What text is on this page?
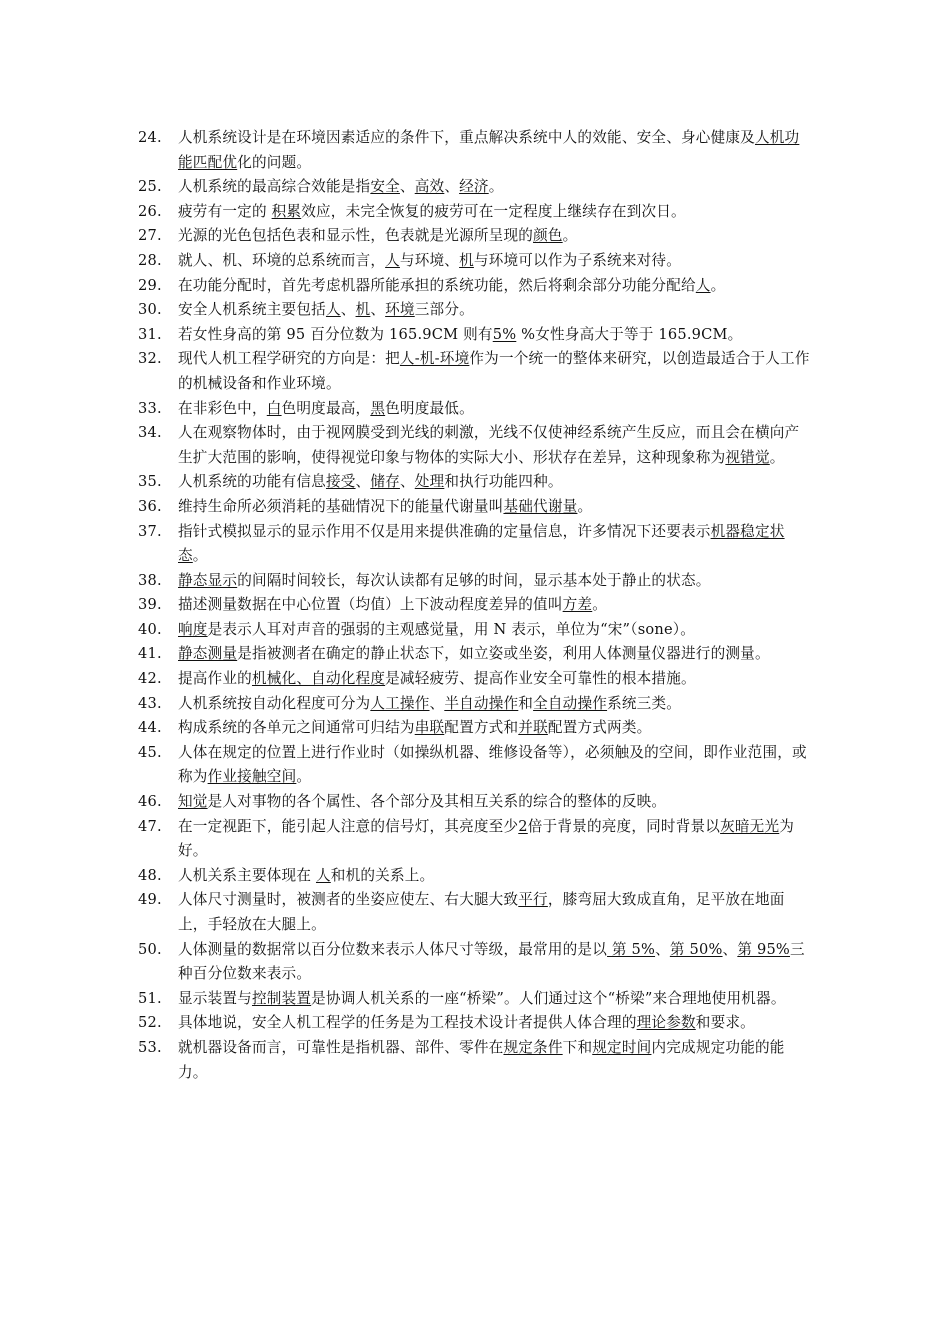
24.	人机系统设计是在环境因素适应的条件下，重点解决系统中人的效能、安全、身心健康及人机功能匹配优化的问题。
25.	人机系统的最高综合效能是指安全、高效、经济。
26.	疲劳有一定的 积累效应，未完全恢复的疲劳可在一定程度上继续存在到次日。
27.	光源的光色包括色表和显示性，色表就是光源所呈现的颜色。
28.	就人、机、环境的总系统而言，人与环境、机与环境可以作为子系统来对待。
29.	在功能分配时，首先考虑机器所能承担的系统功能，然后将剩余部分功能分配给人。
30.	安全人机系统主要包括人、机、环境三部分。
31.	若女性身高的第 95 百分位数为 165.9CM 则有5% %女性身高大于等于 165.9CM。
32.	现代人机工程学研究的方向是：把人-机-环境作为一个统一的整体来研究，以创造最适合于人工作的机械设备和作业环境。
33.	在非彩色中，白色明度最高，黑色明度最低。
34.	人在观察物体时，由于视网膜受到光线的刺激，光线不仅使神经系统产生反应，而且会在横向产生扩大范围的影响，使得视觉印象与物体的实际大小、形状存在差异，这种现象称为视错觉。
35.	人机系统的功能有信息接受、储存、处理和执行功能四种。
36.	维持生命所必须消耗的基础情况下的能量代谢量叫基础代谢量。
37.	指针式模拟显示的显示作用不仅是用来提供准确的定量信息，许多情况下还要表示机器稳定状态。
38.	静态显示的间隔时间较长，每次认读都有足够的时间，显示基本处于静止的状态。
39.	描述测量数据在中心位置（均值）上下波动程度差异的值叫方差。
40.	响度是表示人耳对声音的强弱的主观感觉量，用 N 表示，单位为“宋”（sone）。
41.	静态测量是指被测者在确定的静止状态下，如立姿或坐姿，利用人体测量仪器进行的测量。
42.	提高作业的机械化、自动化程度是减轻疲劳、提高作业安全可靠性的根本措施。
43.	人机系统按自动化程度可分为人工操作、半自动操作和全自动操作系统三类。
44.	构成系统的各单元之间通常可归结为串联配置方式和并联配置方式两类。
45.	人体在规定的位置上进行作业时（如操纵机器、维修设备等），必须触及的空间，即作业范围，或称为作业接触空间。
46.	知觉是人对事物的各个属性、各个部分及其相互关系的综合的整体的反映。
47.	在一定视距下，能引起人注意的信号灯，其亮度至少2倍于背景的亮度，同时背景以灰暗无光为好。
48.	人机关系主要体现在 人和机的关系上。
49.	人体尺寸测量时，被测者的坐姿应使左、右大腿大致平行，膝弯屈大致成直角，足平放在地面上，手轻放在大腿上。
50.	人体测量的数据常以百分位数来表示人体尺寸等级，最常用的是以 第 5%、第 50%、第 95%三种百分位数来表示。
51.	显示装置与控制装置是协调人机关系的一座“桥梁”。人们通过这个“桥梁”来合理地使用机器。
52.	具体地说，安全人机工程学的任务是为工程技术设计者提供人体合理的理论参数和要求。
53.	就机器设备而言，可靠性是指机器、部件、零件在规定条件下和规定时间内完成规定功能的能力。
